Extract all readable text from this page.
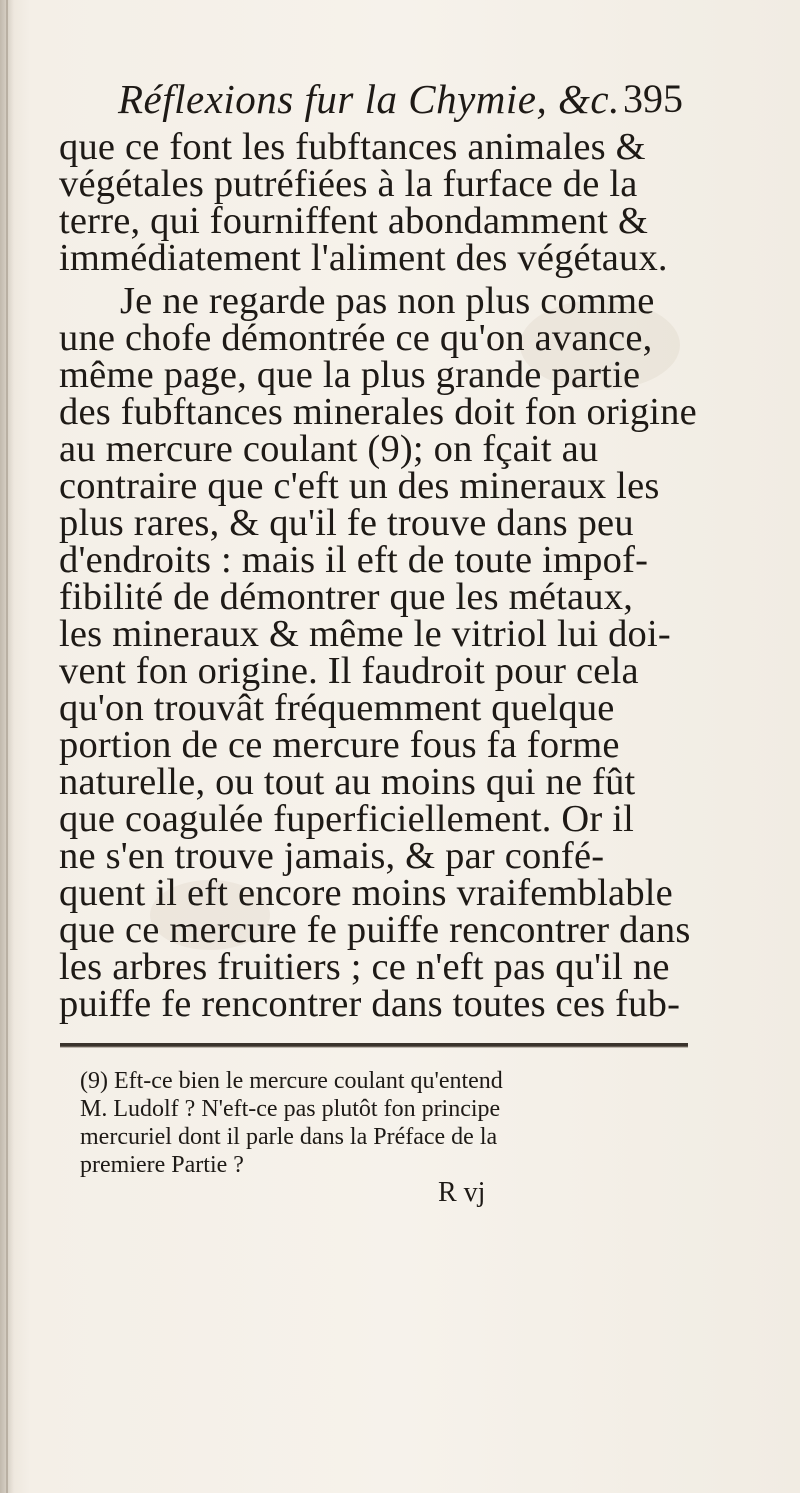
Réflexions fur la Chymie, &c. 395
que ce font les fubftances animales &
végétales putréfiées à la furface de la
terre, qui fourniffent abondamment &
immédiatement l'aliment des végétaux.
Je ne regarde pas non plus comme
une chofe démontrée ce qu'on avance,
même page, que la plus grande partie
des fubftances minerales doit fon origine
au mercure coulant (9); on fçait au
contraire que c'eft un des mineraux les
plus rares, & qu'il fe trouve dans peu
d'endroits : mais il eft de toute impof-
fibilité de démontrer que les métaux,
les mineraux & même le vitriol lui doi-
vent fon origine. Il faudroit pour cela
qu'on trouvât fréquemment quelque
portion de ce mercure fous fa forme
naturelle, ou tout au moins qui ne fût
que coagulée fuperficiellement. Or il
ne s'en trouve jamais, & par confé-
quent il eft encore moins vraifemblable
que ce mercure fe puiffe rencontrer dans
les arbres fruitiers ; ce n'eft pas qu'il ne
puiffe fe rencontrer dans toutes ces fub-
(9) Eft-ce bien le mercure coulant qu'entend
M. Ludolf ? N'eft-ce pas plutôt fon principe
mercuriel dont il parle dans la Préface de la
premiere Partie ?
R vj
